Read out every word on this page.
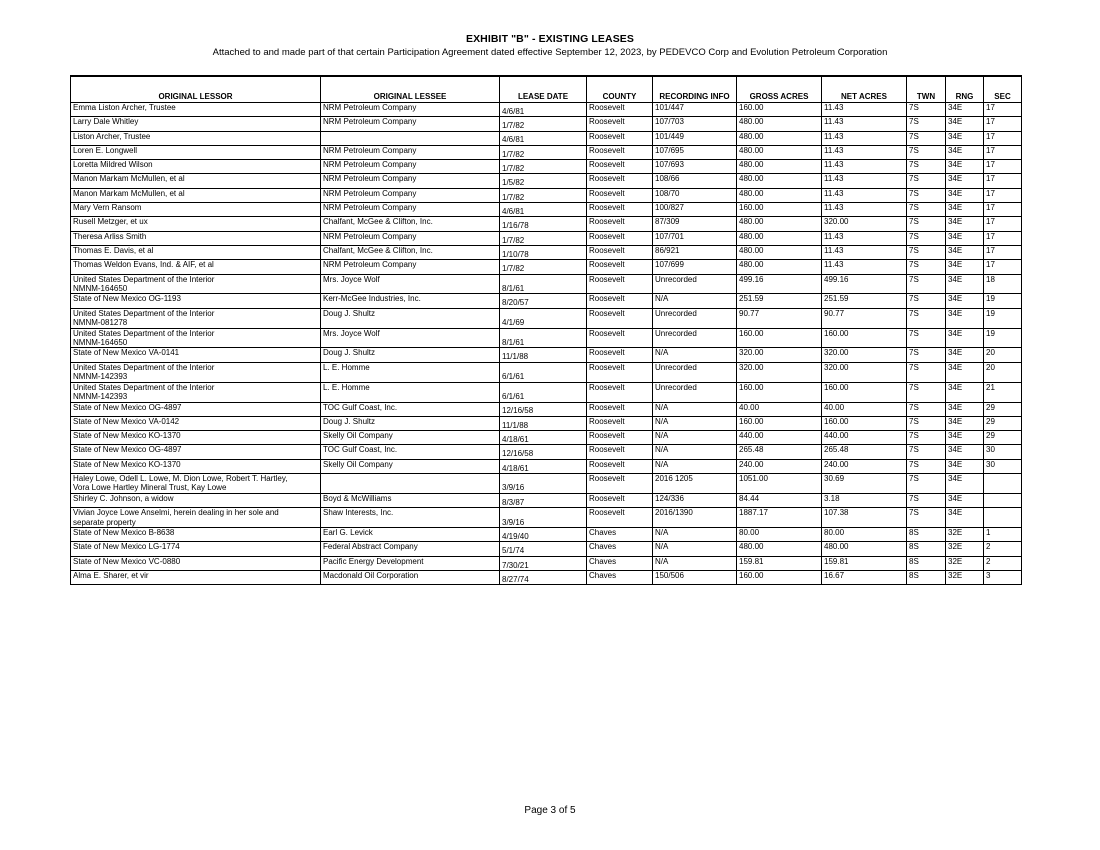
EXHIBIT "B" - EXISTING LEASES
Attached to and made part of that certain Participation Agreement dated effective September 12, 2023, by PEDEVCO Corp and Evolution Petroleum Corporation
ORIGINAL LESSOR	ORIGINAL LESSEE	LEASE DATE	COUNTY	RECORDING INFO	GROSS ACRES	NET ACRES	TWN	RNG	SEC
Emma Liston Archer, Trustee	NRM Petroleum Company	4/6/81	Roosevelt	101/447	160.00	11.43	7S	34E	17
Larry Dale Whitley	NRM Petroleum Company	1/7/82	Roosevelt	107/703	480.00	11.43	7S	34E	17
Liston Archer, Trustee		4/6/81	Roosevelt	101/449	480.00	11.43	7S	34E	17
Loren E. Longwell	NRM Petroleum Company	1/7/82	Roosevelt	107/695	480.00	11.43	7S	34E	17
Loretta Mildred Wilson	NRM Petroleum Company	1/7/82	Roosevelt	107/693	480.00	11.43	7S	34E	17
Manon Markam McMullen, et al	NRM Petroleum Company	1/5/82	Roosevelt	108/66	480.00	11.43	7S	34E	17
Manon Markam McMullen, et al	NRM Petroleum Company	1/7/82	Roosevelt	108/70	480.00	11.43	7S	34E	17
Mary Vern Ransom	NRM Petroleum Company	4/6/81	Roosevelt	100/827	160.00	11.43	7S	34E	17
Rusell Metzger, et ux	Chalfant, McGee & Clifton, Inc.	1/16/78	Roosevelt	87/309	480.00	320.00	7S	34E	17
Theresa Arliss Smith	NRM Petroleum Company	1/7/82	Roosevelt	107/701	480.00	11.43	7S	34E	17
Thomas E. Davis, et al	Chalfant, McGee & Clifton, Inc.	1/10/78	Roosevelt	86/921	480.00	11.43	7S	34E	17
Thomas Weldon Evans, Ind. & AIF, et al	NRM Petroleum Company	1/7/82	Roosevelt	107/699	480.00	11.43	7S	34E	17
United States Department of the Interior
NMNM-164650	Mrs. Joyce Wolf	8/1/61	Roosevelt	Unrecorded	499.16	499.16	7S	34E	18
State of New Mexico OG-1193	Kerr-McGee Industries, Inc.	8/20/57	Roosevelt	N/A	251.59	251.59	7S	34E	19
United States Department of the Interior
NMNM-081278	Doug J. Shultz	4/1/69	Roosevelt	Unrecorded	90.77	90.77	7S	34E	19
United States Department of the Interior
NMNM-164650	Mrs. Joyce Wolf	8/1/61	Roosevelt	Unrecorded	160.00	160.00	7S	34E	19
State of New Mexico VA-0141	Doug J. Shultz	11/1/88	Roosevelt	N/A	320.00	320.00	7S	34E	20
United States Department of the Interior
NMNM-142393	L. E. Homme	6/1/61	Roosevelt	Unrecorded	320.00	320.00	7S	34E	20
United States Department of the Interior
NMNM-142393	L. E. Homme	6/1/61	Roosevelt	Unrecorded	160.00	160.00	7S	34E	21
State of New Mexico OG-4897	TOC Gulf Coast, Inc.	12/16/58	Roosevelt	N/A	40.00	40.00	7S	34E	29
State of New Mexico VA-0142	Doug J. Shultz	11/1/88	Roosevelt	N/A	160.00	160.00	7S	34E	29
State of New Mexico KO-1370	Skelly Oil Company	4/18/61	Roosevelt	N/A	440.00	440.00	7S	34E	29
State of New Mexico OG-4897	TOC Gulf Coast, Inc.	12/16/58	Roosevelt	N/A	265.48	265.48	7S	34E	30
State of New Mexico KO-1370	Skelly Oil Company	4/18/61	Roosevelt	N/A	240.00	240.00	7S	34E	30
Haley Lowe, Odell L. Lowe, M. Dion Lowe, Robert T. Hartley,
Vora Lowe Hartley Mineral Trust, Kay Lowe		3/9/16	Roosevelt	2016 1205	1051.00	30.69	7S	34E	
Shirley C. Johnson, a widow	Boyd & McWilliams	8/3/87	Roosevelt	124/336	84.44	3.18	7S	34E	
Vivian Joyce Lowe Anselmi, herein dealing in her sole and
separate property	Shaw Interests, Inc.	3/9/16	Roosevelt	2016/1390	1887.17	107.38	7S	34E	
State of New Mexico B-8638	Earl G. Levick	4/19/40	Chaves	N/A	80.00	80.00	8S	32E	1
State of New Mexico LG-1774	Federal Abstract Company	5/1/74	Chaves	N/A	480.00	480.00	8S	32E	2
State of New Mexico VC-0880	Pacific Energy Development	7/30/21	Chaves	N/A	159.81	159.81	8S	32E	2
Alma E. Sharer, et vir	Macdonald Oil Corporation	8/27/74	Chaves	150/506	160.00	16.67	8S	32E	3
Page 3 of 5
